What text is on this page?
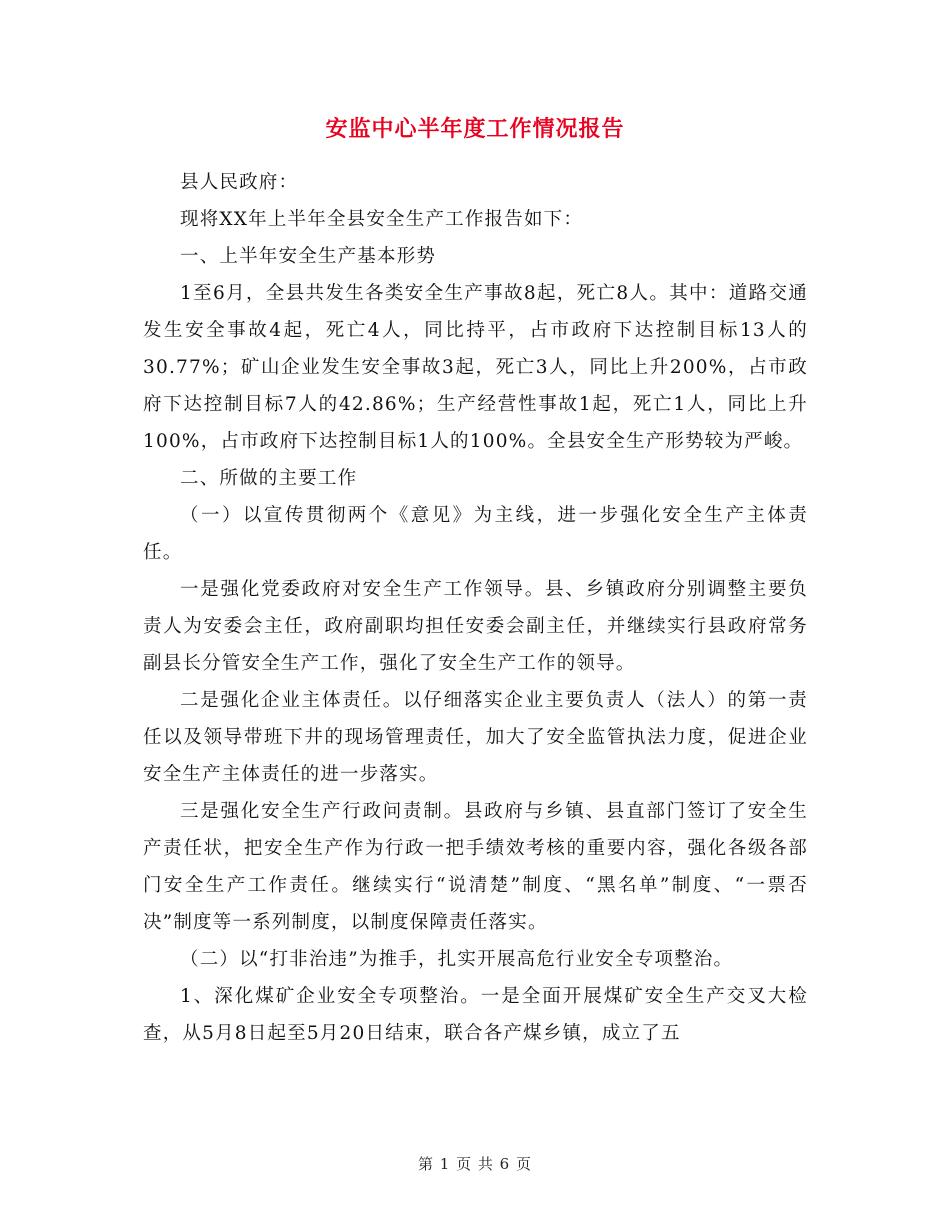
安监中心半年度工作情况报告

县人民政府：

现将XX年上半年全县安全生产工作报告如下：

一、上半年安全生产基本形势

1至6月，全县共发生各类安全生产事故8起，死亡8人。其中：道路交通发生安全事故4起，死亡4人，同比持平，占市政府下达控制目标13人的30.77%；矿山企业发生安全事故3起，死亡3人，同比上升200%，占市政府下达控制目标7人的42.86%；生产经营性事故1起，死亡1人，同比上升100%，占市政府下达控制目标1人的100%。全县安全生产形势较为严峻。

二、所做的主要工作

（一）以宣传贯彻两个《意见》为主线，进一步强化安全生产主体责任。

一是强化党委政府对安全生产工作领导。县、乡镇政府分别调整主要负责人为安委会主任，政府副职均担任安委会副主任，并继续实行县政府常务副县长分管安全生产工作，强化了安全生产工作的领导。

二是强化企业主体责任。以仔细落实企业主要负责人（法人）的第一责任以及领导带班下井的现场管理责任，加大了安全监管执法力度，促进企业安全生产主体责任的进一步落实。

三是强化安全生产行政问责制。县政府与乡镇、县直部门签订了安全生产责任状，把安全生产作为行政一把手绩效考核的重要内容，强化各级各部门安全生产工作责任。继续实行“说清楚”制度、“黑名单”制度、“一票否决”制度等一系列制度，以制度保障责任落实。

（二）以“打非治违”为推手，扎实开展高危行业安全专项整治。

1、深化煤矿企业安全专项整治。一是全面开展煤矿安全生产交叉大检查，从5月8日起至5月20日结束，联合各产煤乡镇，成立了五

第 1 页 共 6 页
